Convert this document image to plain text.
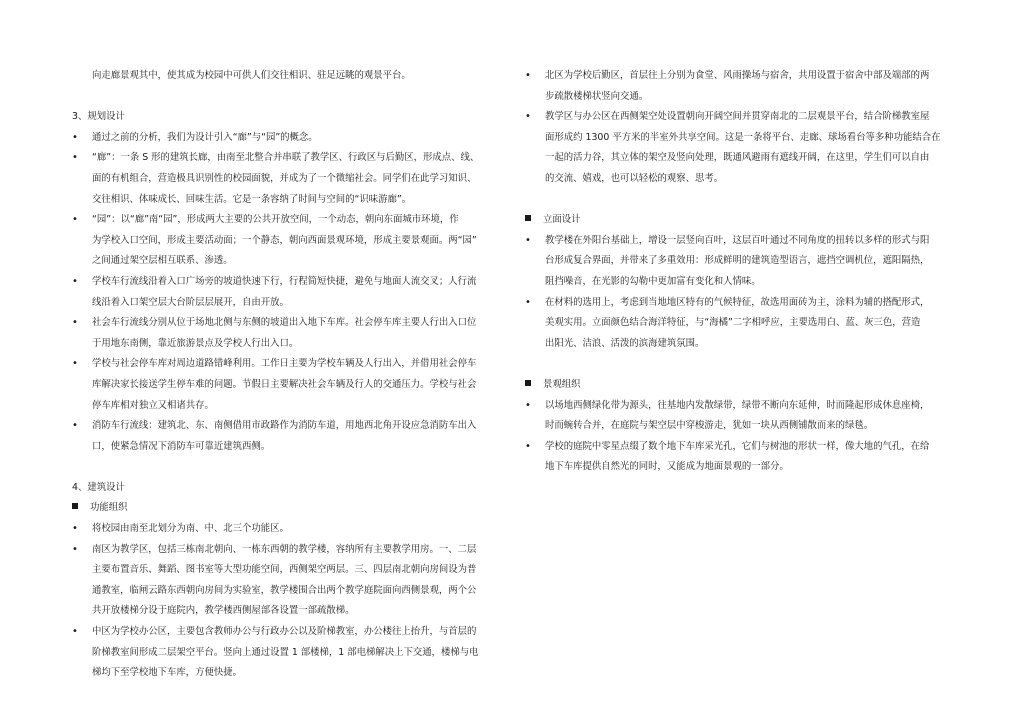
向走廊景观其中，使其成为校园中可供人们交往相识、驻足远眺的观景平台。
3、规划设计
•	通过之前的分析，我们为设计引入“廊”与“园”的概念。
•	“廊”：一条 S 形的建筑长廊，由南至北整合并串联了教学区、行政区与后勤区，形成点、线、
面的有机组合，营造极具识别性的校园面貌，并成为了一个微缩社会。同学们在此学习知识、
交往相识、体味成长、回味生活。它是一条容纳了时间与空间的“识味游廊”。
•	“园”：以“廊”南“园”，形成两大主要的公共开放空间，一个动态，朝向东面城市环境，作
为学校入口空间，形成主要活动面；一个静态，朝向西面景观环境，形成主要景观面。两“园”
之间通过架空层相互联系、渗透。
•	学校车行流线沿着入口广场旁的坡道快速下行，行程简短快捷，避免与地面人流交叉；人行流
线沿着入口架空层大台阶层层展开，自由开放。
•	社会车行流线分别从位于场地北侧与东侧的坡道出入地下车库。社会停车库主要人行出入口位
于用地东南侧，靠近旅游景点及学校人行出入口。
•	学校与社会停车库对周边道路错峰利用。工作日主要为学校车辆及人行出入，并借用社会停车
库解决家长接送学生停车难的问题。节假日主要解决社会车辆及行人的交通压力。学校与社会
停车库相对独立又相诸共存。
•	消防车行流线：建筑北、东、南侧借用市政路作为消防车道，用地西北角开设应急消防车出入
口，使紧急情况下消防车可靠近建筑西侧。
4、建筑设计
功能组织
•	将校园由南至北划分为南、中、北三个功能区。
•	南区为教学区，包括三栋南北朝向、一栋东西朝的教学楼，容纳所有主要教学用房。一、二层
主要布置音乐、舞蹈、图书室等大型功能空间，西侧架空两层。三、四层南北朝向房间设为普
通教室，临闸云路东西朝向房间为实验室，教学楼围合出两个教学庭院面向西侧景观，两个公
共开放楼梯分设于庭院内，教学楼西侧屋部各设置一部疏散梯。
•	中区为学校办公区，主要包含教师办公与行政办公以及阶梯教室，办公楼往上抬升，与首层的
阶梯教室间形成二层架空平台。竖向上通过设置 1 部楼梯，1 部电梯解决上下交通，楼梯与电
梯均下至学校地下车库，方便快捷。
•	北区为学校后勤区，首层往上分别为食堂、风雨操场与宿舍，共用设置于宿舍中部及端部的两
步疏散楼梯状竖向交通。
•	教学区与办公区在西侧架空处设置朝向开阔空间并贯穿南北的二层观景平台，结合阶梯教室屋
面形成约 1300 平方米的半室外共享空间。这是一条将平台、走廊、球场看台等多种功能结合在
一起的活力谷，其立体的架空及竖向处理，既通风避雨有遮线开阔，在这里，学生们可以自由
的交流、嬉戏，也可以轻松的观察、思考。
立面设计
•	教学楼在外阳台基础上，增设一层竖向百叶，这层百叶通过不同角度的扭转以多样的形式与阳
台形成复合界面，并带来了多重效用：形成鲜明的建筑造型语言，遮挡空调机位，遮阳隔热，
阻挡噪音，在光影的勾勒中更加富有变化和人情味。
•	在材料的选用上，考虑到当地地区特有的气候特征，故选用面砖为主，涂料为辅的搭配形式，
美观实用。立面颜色结合海洋特征，与“海橘”二字相呼应，主要选用白、蓝、灰三色，营造
出阳光、洁浪、活泼的滨海建筑氛围。
景观组织
•	以场地西侧绿化带为源头，往基地内发散绿带，绿带不断向东延伸，时而隆起形成休息座椅，
时而蜿转合并，在庭院与架空层中穿梭游走，犹如一块从西侧铺散而来的绿毯。
•	学校的庭院中零星点缀了数个地下车库采光孔，它们与树池的形状一样，像大地的气孔，在给
地下车库提供自然光的同时，又能成为地面景观的一部分。
